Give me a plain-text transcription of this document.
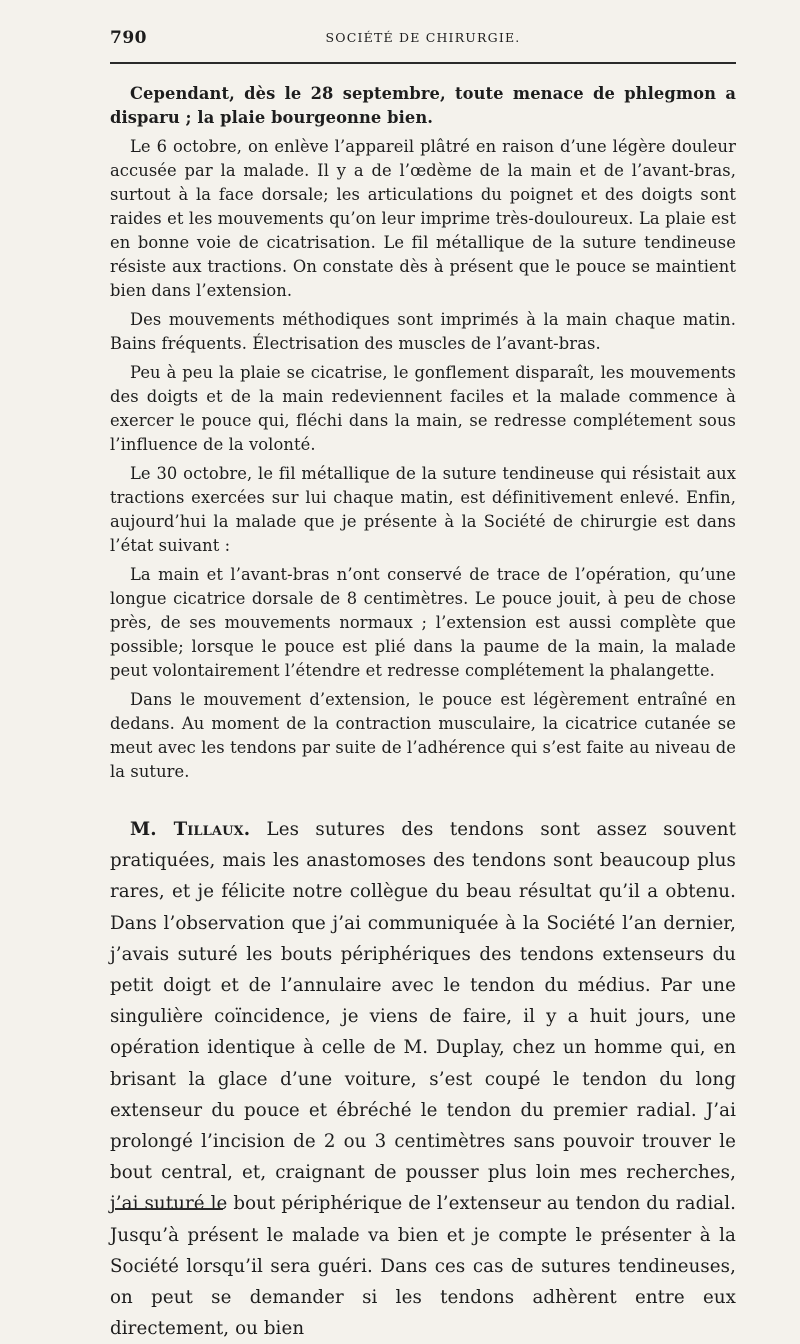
790	SOCIÉTÉ DE CHIRURGIE.

Cependant, dès le 28 septembre, toute menace de phlegmon a disparu ; la plaie bourgeonne bien.

Le 6 octobre, on enlève l’appareil plâtré en raison d’une légère douleur accusée par la malade. Il y a de l’œdème de la main et de l’avant-bras, surtout à la face dorsale; les articulations du poignet et des doigts sont raides et les mouvements qu’on leur imprime très-douloureux. La plaie est en bonne voie de cicatrisation. Le fil métallique de la suture tendineuse résiste aux tractions. On constate dès à présent que le pouce se maintient bien dans l’extension.

Des mouvements méthodiques sont imprimés à la main chaque matin. Bains fréquents. Électrisation des muscles de l’avant-bras.

Peu à peu la plaie se cicatrise, le gonflement disparaît, les mouvements des doigts et de la main redeviennent faciles et la malade commence à exercer le pouce qui, fléchi dans la main, se redresse complétement sous l’influence de la volonté.

Le 30 octobre, le fil métallique de la suture tendineuse qui résistait aux tractions exercées sur lui chaque matin, est définitivement enlevé. Enfin, aujourd’hui la malade que je présente à la Société de chirurgie est dans l’état suivant :

La main et l’avant-bras n’ont conservé de trace de l’opération, qu’une longue cicatrice dorsale de 8 centimètres. Le pouce jouit, à peu de chose près, de ses mouvements normaux ; l’extension est aussi complète que possible; lorsque le pouce est plié dans la paume de la main, la malade peut volontairement l’étendre et redresse complétement la phalangette.

Dans le mouvement d’extension, le pouce est légèrement entraîné en dedans. Au moment de la contraction musculaire, la cicatrice cutanée se meut avec les tendons par suite de l’adhérence qui s’est faite au niveau de la suture.

M. Tillaux. Les sutures des tendons sont assez souvent pratiquées, mais les anastomoses des tendons sont beaucoup plus rares, et je félicite notre collègue du beau résultat qu’il a obtenu. Dans l’observation que j’ai communiquée à la Société l’an dernier, j’avais suturé les bouts périphériques des tendons extenseurs du petit doigt et de l’annulaire avec le tendon du médius. Par une singulière coïncidence, je viens de faire, il y a huit jours, une opération identique à celle de M. Duplay, chez un homme qui, en brisant la glace d’une voiture, s’est coupé le tendon du long extenseur du pouce et ébréché le tendon du premier radial. J’ai prolongé l’incision de 2 ou 3 centimètres sans pouvoir trouver le bout central, et, craignant de pousser plus loin mes recherches, j’ai suturé le bout périphérique de l’extenseur au tendon du radial. Jusqu’à présent le malade va bien et je compte le présenter à la Société lorsqu’il sera guéri. Dans ces cas de sutures tendineuses, on peut se demander si les tendons adhèrent entre eux directement, ou bien
